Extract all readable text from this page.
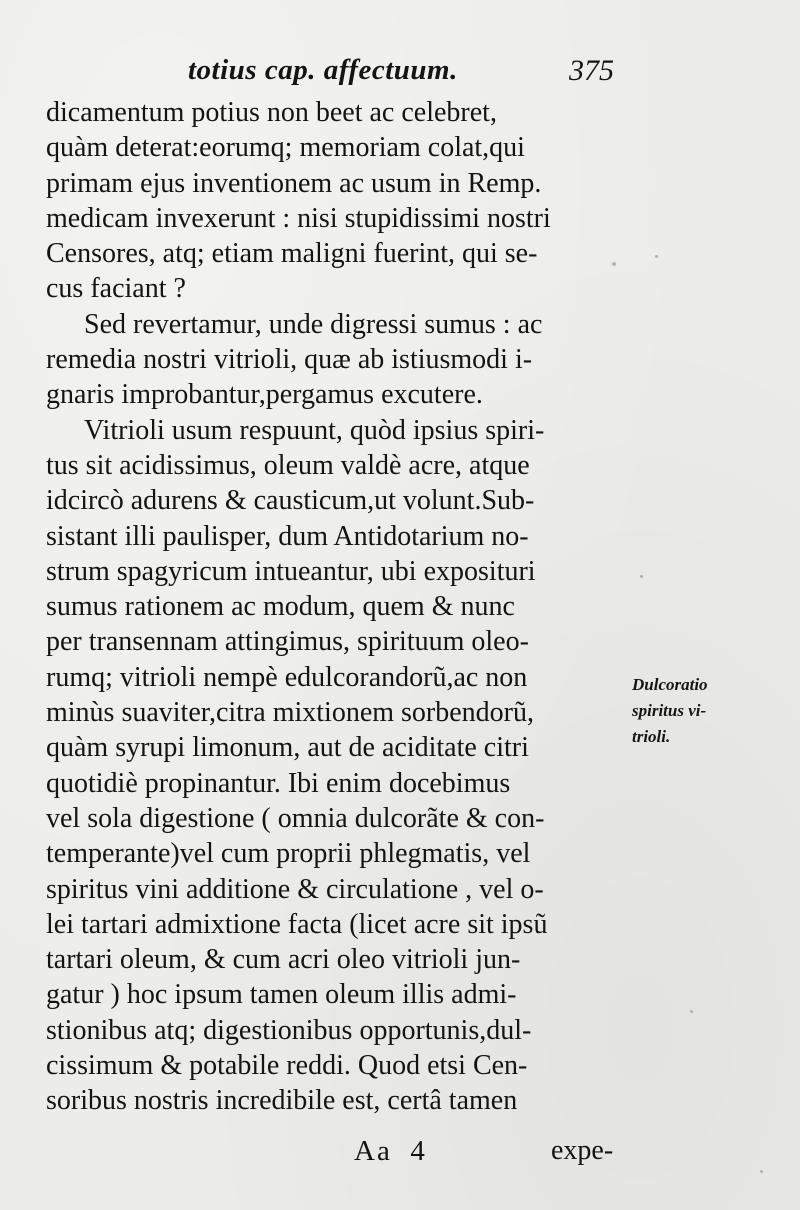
totius cap. affectuum.	375
dicamentum potius non beet ac celebret,
quàm deterat:eorumq; memoriam colat,qui
primam ejus inventionem ac usum in Remp.
medicam invexerunt : nisi stupidissimi nostri
Censores, atq; etiam maligni fuerint, qui se-
cus faciant ?
Sed revertamur, unde digressi sumus : ac
remedia nostri vitrioli, quæ ab istiusmodi i-
gnaris improbantur,pergamus excutere.
Vitrioli usum respuunt, quòd ipsius spiri-
tus sit acidissimus, oleum valdè acre, atque
idcircò adurens & causticum,ut volunt.Sub-
sistant illi paulisper, dum Antidotarium no-
strum spagyricum intueantur, ubi expositurі
sumus rationem ac modum, quem & nunc
per transennam attingimus, spirituum oleo-
rumq; vitrioli nempè edulcorandorũ,ac non
minùs suaviter,citra mixtionem sorbendorũ,
quàm syrupi limonum, aut de aciditate citri
quotidiè propinantur. Ibi enim docebimus
vel sola digestione ( omnia dulcorãte & con-
temperante)vel cum proprii phlegmatis, vel
spiritus vini additione & circulatione , vel o-
lei tartari admixtione facta (licet acre sit ipsũ
tartari oleum, & cum acri oleo vitrioli jun-
gatur ) hoc ipsum tamen oleum illis admi-
stionibus atq; digestionibus opportunis,dul-
cissimum & potabile reddi. Quod etsi Cen-
soribus nostris incredibile est, certâ tamen
Dulcoratio
spiritus vi-
trioli.
Aa  4	expe-
